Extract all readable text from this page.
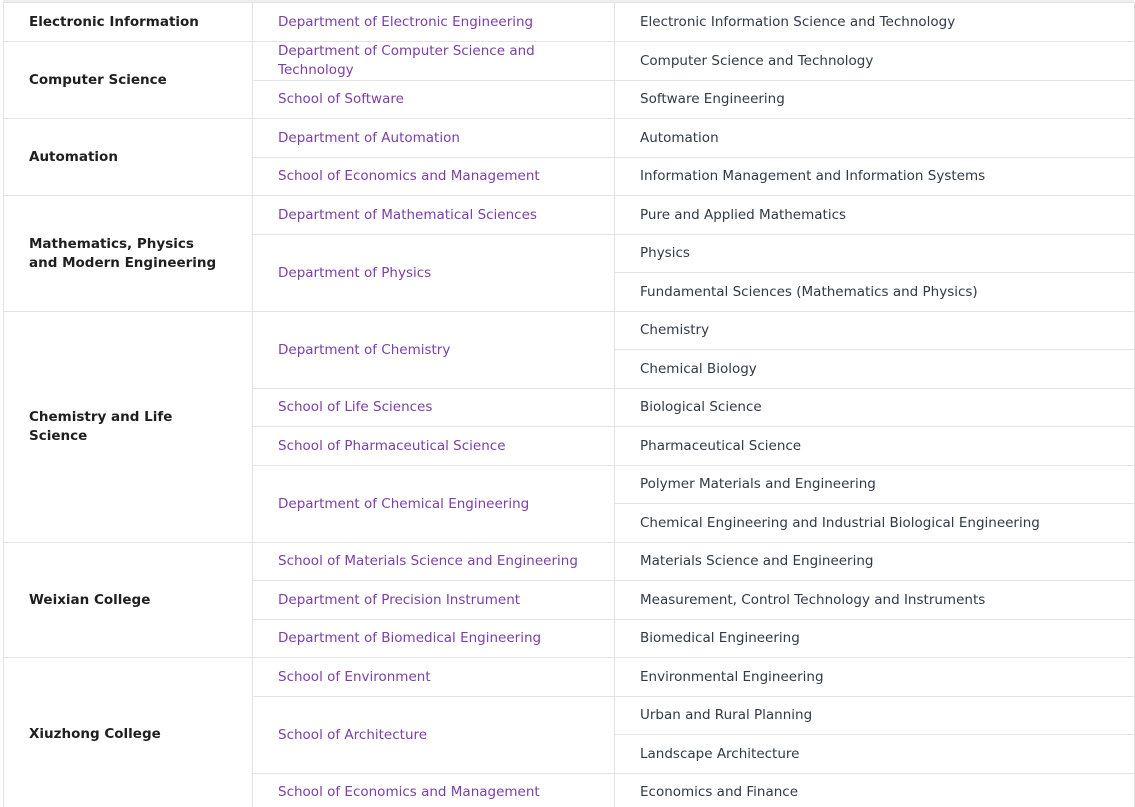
Electronic Information	Department of Electronic Engineering	Electronic Information Science and Technology
Computer Science	Department of Computer Science and Technology	Computer Science and Technology
	School of Software	Software Engineering
Automation	Department of Automation	Automation
	School of Economics and Management	Information Management and Information Systems
Mathematics, Physics and Modern Engineering	Department of Mathematical Sciences	Pure and Applied Mathematics
	Department of Physics	Physics
		Fundamental Sciences (Mathematics and Physics)
Chemistry and Life Science	Department of Chemistry	Chemistry
		Chemical Biology
	School of Life Sciences	Biological Science
	School of Pharmaceutical Science	Pharmaceutical Science
	Department of Chemical Engineering	Polymer Materials and Engineering
		Chemical Engineering and Industrial Biological Engineering
Weixian College	School of Materials Science and Engineering	Materials Science and Engineering
	Department of Precision Instrument	Measurement, Control Technology and Instruments
	Department of Biomedical Engineering	Biomedical Engineering
Xiuzhong College	School of Environment	Environmental Engineering
	School of Architecture	Urban and Rural Planning
		Landscape Architecture
	School of Economics and Management	Economics and Finance
